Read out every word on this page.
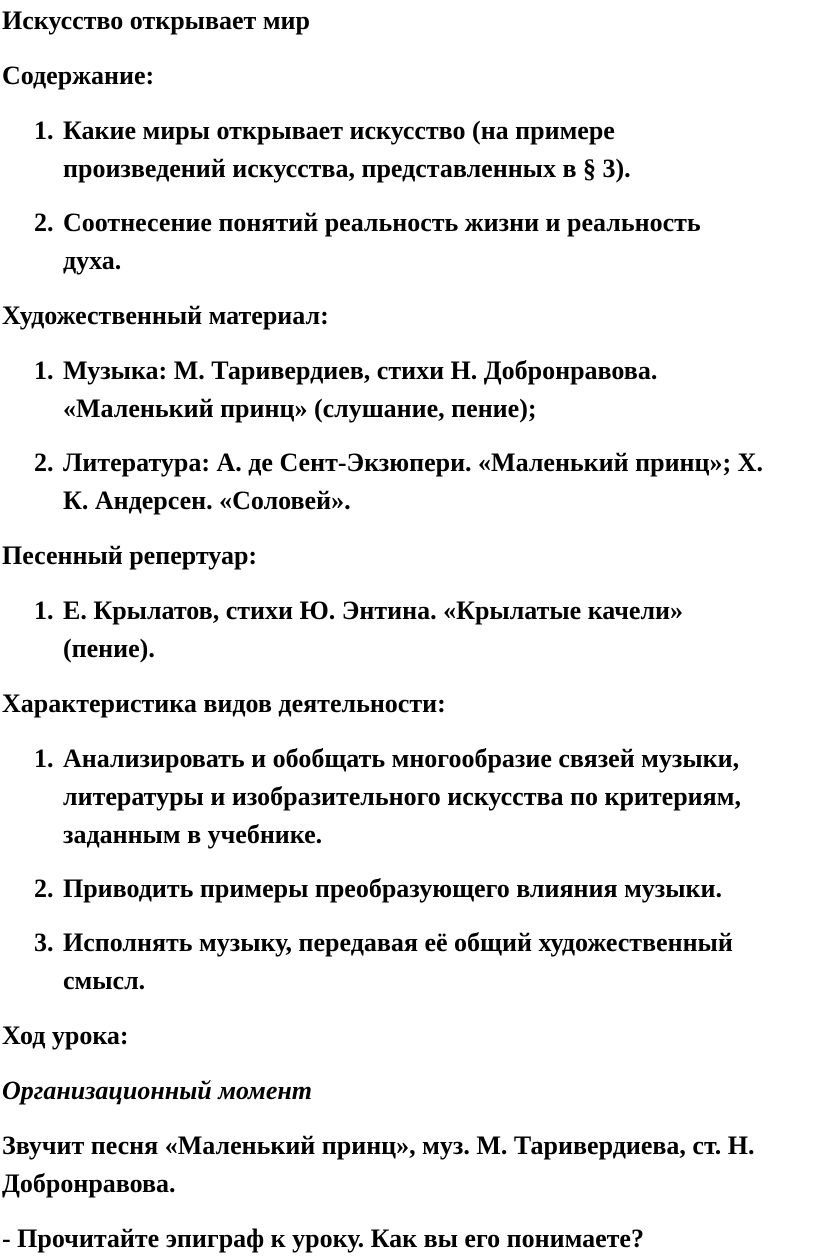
Искусство открывает мир
Содержание:
1. Какие миры открывает искусство (на примере
произведений искусства, представленных в § 3).
2. Соотнесение понятий реальность жизни и реальность
духа.
Художественный материал:
1. Музыка: М. Таривердиев, стихи Н. Добронравова.
«Маленький принц» (слушание, пение);
2. Литература: А. де Сент-Экзюпери. «Маленький принц»; Х.
К. Андерсен. «Соловей».
Песенный репертуар:
1. Е. Крылатов, стихи Ю. Энтина. «Крылатые качели»
(пение).
Характеристика видов деятельности:
1. Анализировать и обобщать многообразие связей музыки,
литературы и изобразительного искусства по критериям,
заданным в учебнике.
2. Приводить примеры преобразующего влияния музыки.
3. Исполнять музыку, передавая её общий художественный
смысл.
Ход урока:
Организационный момент
Звучит песня «Маленький принц», муз. М. Таривердиева, ст. Н.
Добронравова.
- Прочитайте эпиграф к уроку. Как вы его понимаете?
